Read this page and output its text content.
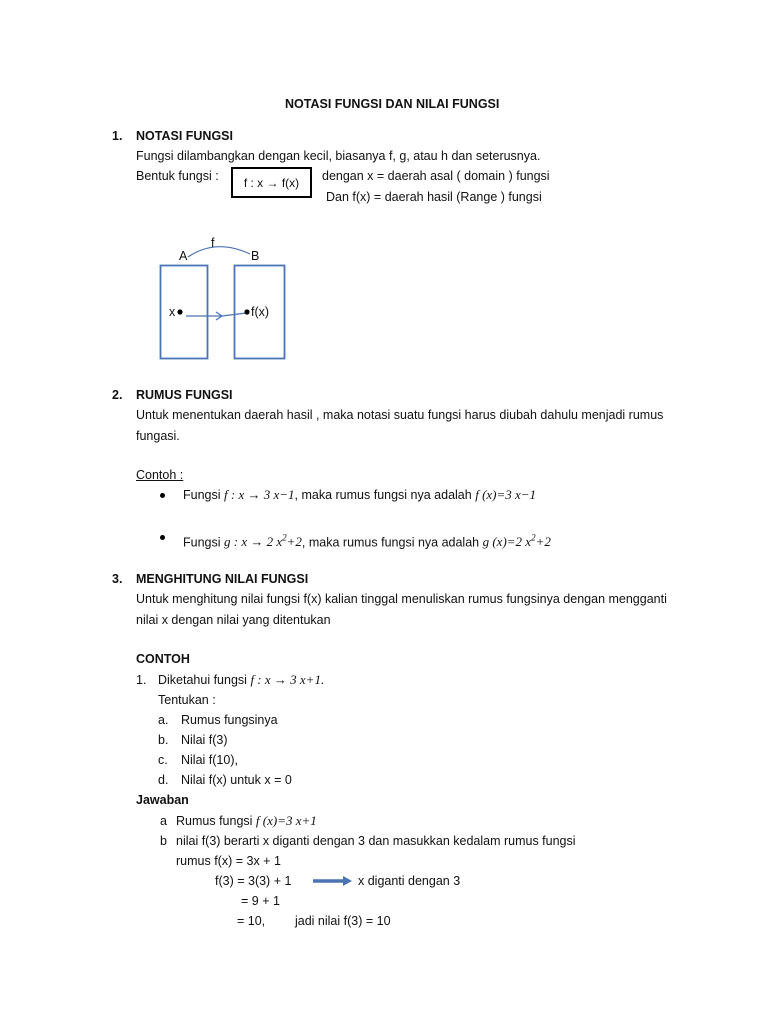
NOTASI FUNGSI DAN NILAI FUNGSI
1. NOTASI FUNGSI
Fungsi dilambangkan dengan kecil, biasanya f, g, atau h dan seterusnya.
Bentuk fungsi :	f : x → f(x)	dengan x = daerah asal ( domain ) fungsi
Dan f(x) = daerah hasil (Range ) fungsi
f
A	B
x	f(x)
2. RUMUS FUNGSI
Untuk menentukan daerah hasil , maka notasi suatu fungsi harus diubah dahulu menjadi rumus
fungasi.
Contoh :
Fungsi f : x → 3 x−1, maka rumus fungsi nya adalah f (x)=3 x−1
Fungsi g : x → 2 $x^2+2$, maka rumus fungsi nya adalah g (x)=2 $x^2+2$
3. MENGHITUNG NILAI FUNGSI
Untuk menghitung nilai fungsi f(x) kalian tinggal menuliskan rumus fungsinya dengan mengganti
nilai x dengan nilai yang ditentukan
CONTOH
1. Diketahui fungsi f : x → 3 x+1.
Tentukan :
a. Rumus fungsinya
b. Nilai f(3)
c. Nilai f(10),
d. Nilai f(x) untuk x = 0
Jawaban
a Rumus fungsi f (x)=3 x+1
b nilai f(3) berarti x diganti dengan 3 dan masukkan kedalam rumus fungsi
rumus f(x) = 3x + 1
f(3) = 3(3) + 1	x diganti dengan 3
= 9 + 1
= 10, jadi nilai f(3) = 10
